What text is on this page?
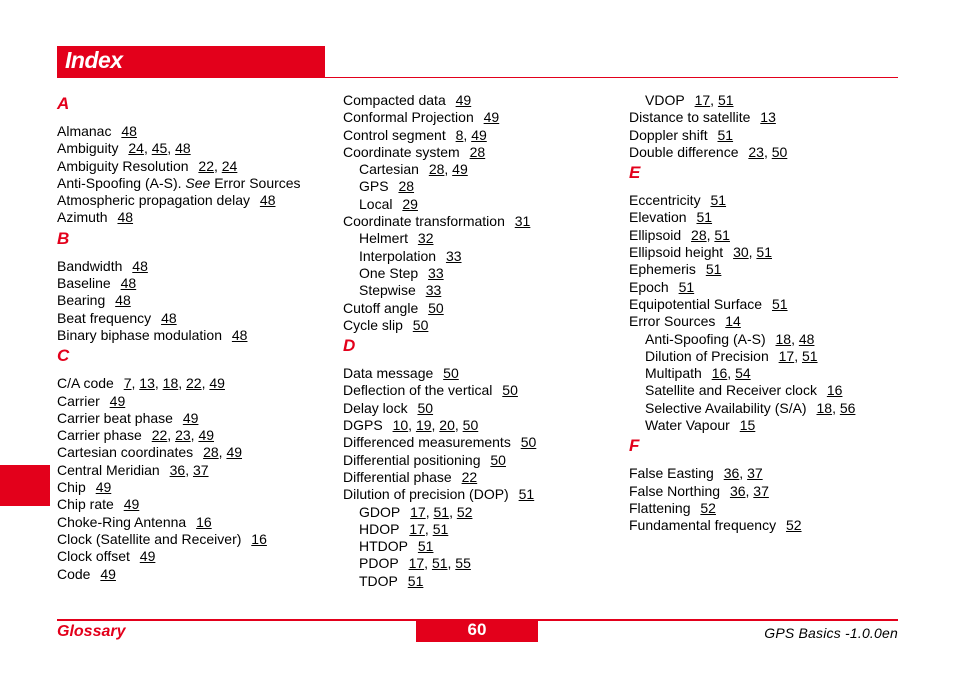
Index
A
Almanac 48
Ambiguity 24, 45, 48
Ambiguity Resolution 22, 24
Anti-Spoofing (A-S). See Error Sources
Atmospheric propagation delay 48
Azimuth 48
B
Bandwidth 48
Baseline 48
Bearing 48
Beat frequency 48
Binary biphase modulation 48
C
C/A code 7, 13, 18, 22, 49
Carrier 49
Carrier beat phase 49
Carrier phase 22, 23, 49
Cartesian coordinates 28, 49
Central Meridian 36, 37
Chip 49
Chip rate 49
Choke-Ring Antenna 16
Clock (Satellite and Receiver) 16
Clock offset 49
Code 49
Compacted data 49
Conformal Projection 49
Control segment 8, 49
Coordinate system 28
Cartesian 28, 49
GPS 28
Local 29
Coordinate transformation 31
Helmert 32
Interpolation 33
One Step 33
Stepwise 33
Cutoff angle 50
Cycle slip 50
D
Data message 50
Deflection of the vertical 50
Delay lock 50
DGPS 10, 19, 20, 50
Differenced measurements 50
Differential positioning 50
Differential phase 22
Dilution of precision (DOP) 51
GDOP 17, 51, 52
HDOP 17, 51
HTDOP 51
PDOP 17, 51, 55
TDOP 51
VDOP 17, 51
Distance to satellite 13
Doppler shift 51
Double difference 23, 50
E
Eccentricity 51
Elevation 51
Ellipsoid 28, 51
Ellipsoid height 30, 51
Ephemeris 51
Epoch 51
Equipotential Surface 51
Error Sources 14
Anti-Spoofing (A-S) 18, 48
Dilution of Precision 17, 51
Multipath 16, 54
Satellite and Receiver clock 16
Selective Availability (S/A) 18, 56
Water Vapour 15
F
False Easting 36, 37
False Northing 36, 37
Flattening 52
Fundamental frequency 52
Glossary	60	GPS Basics -1.0.0en
